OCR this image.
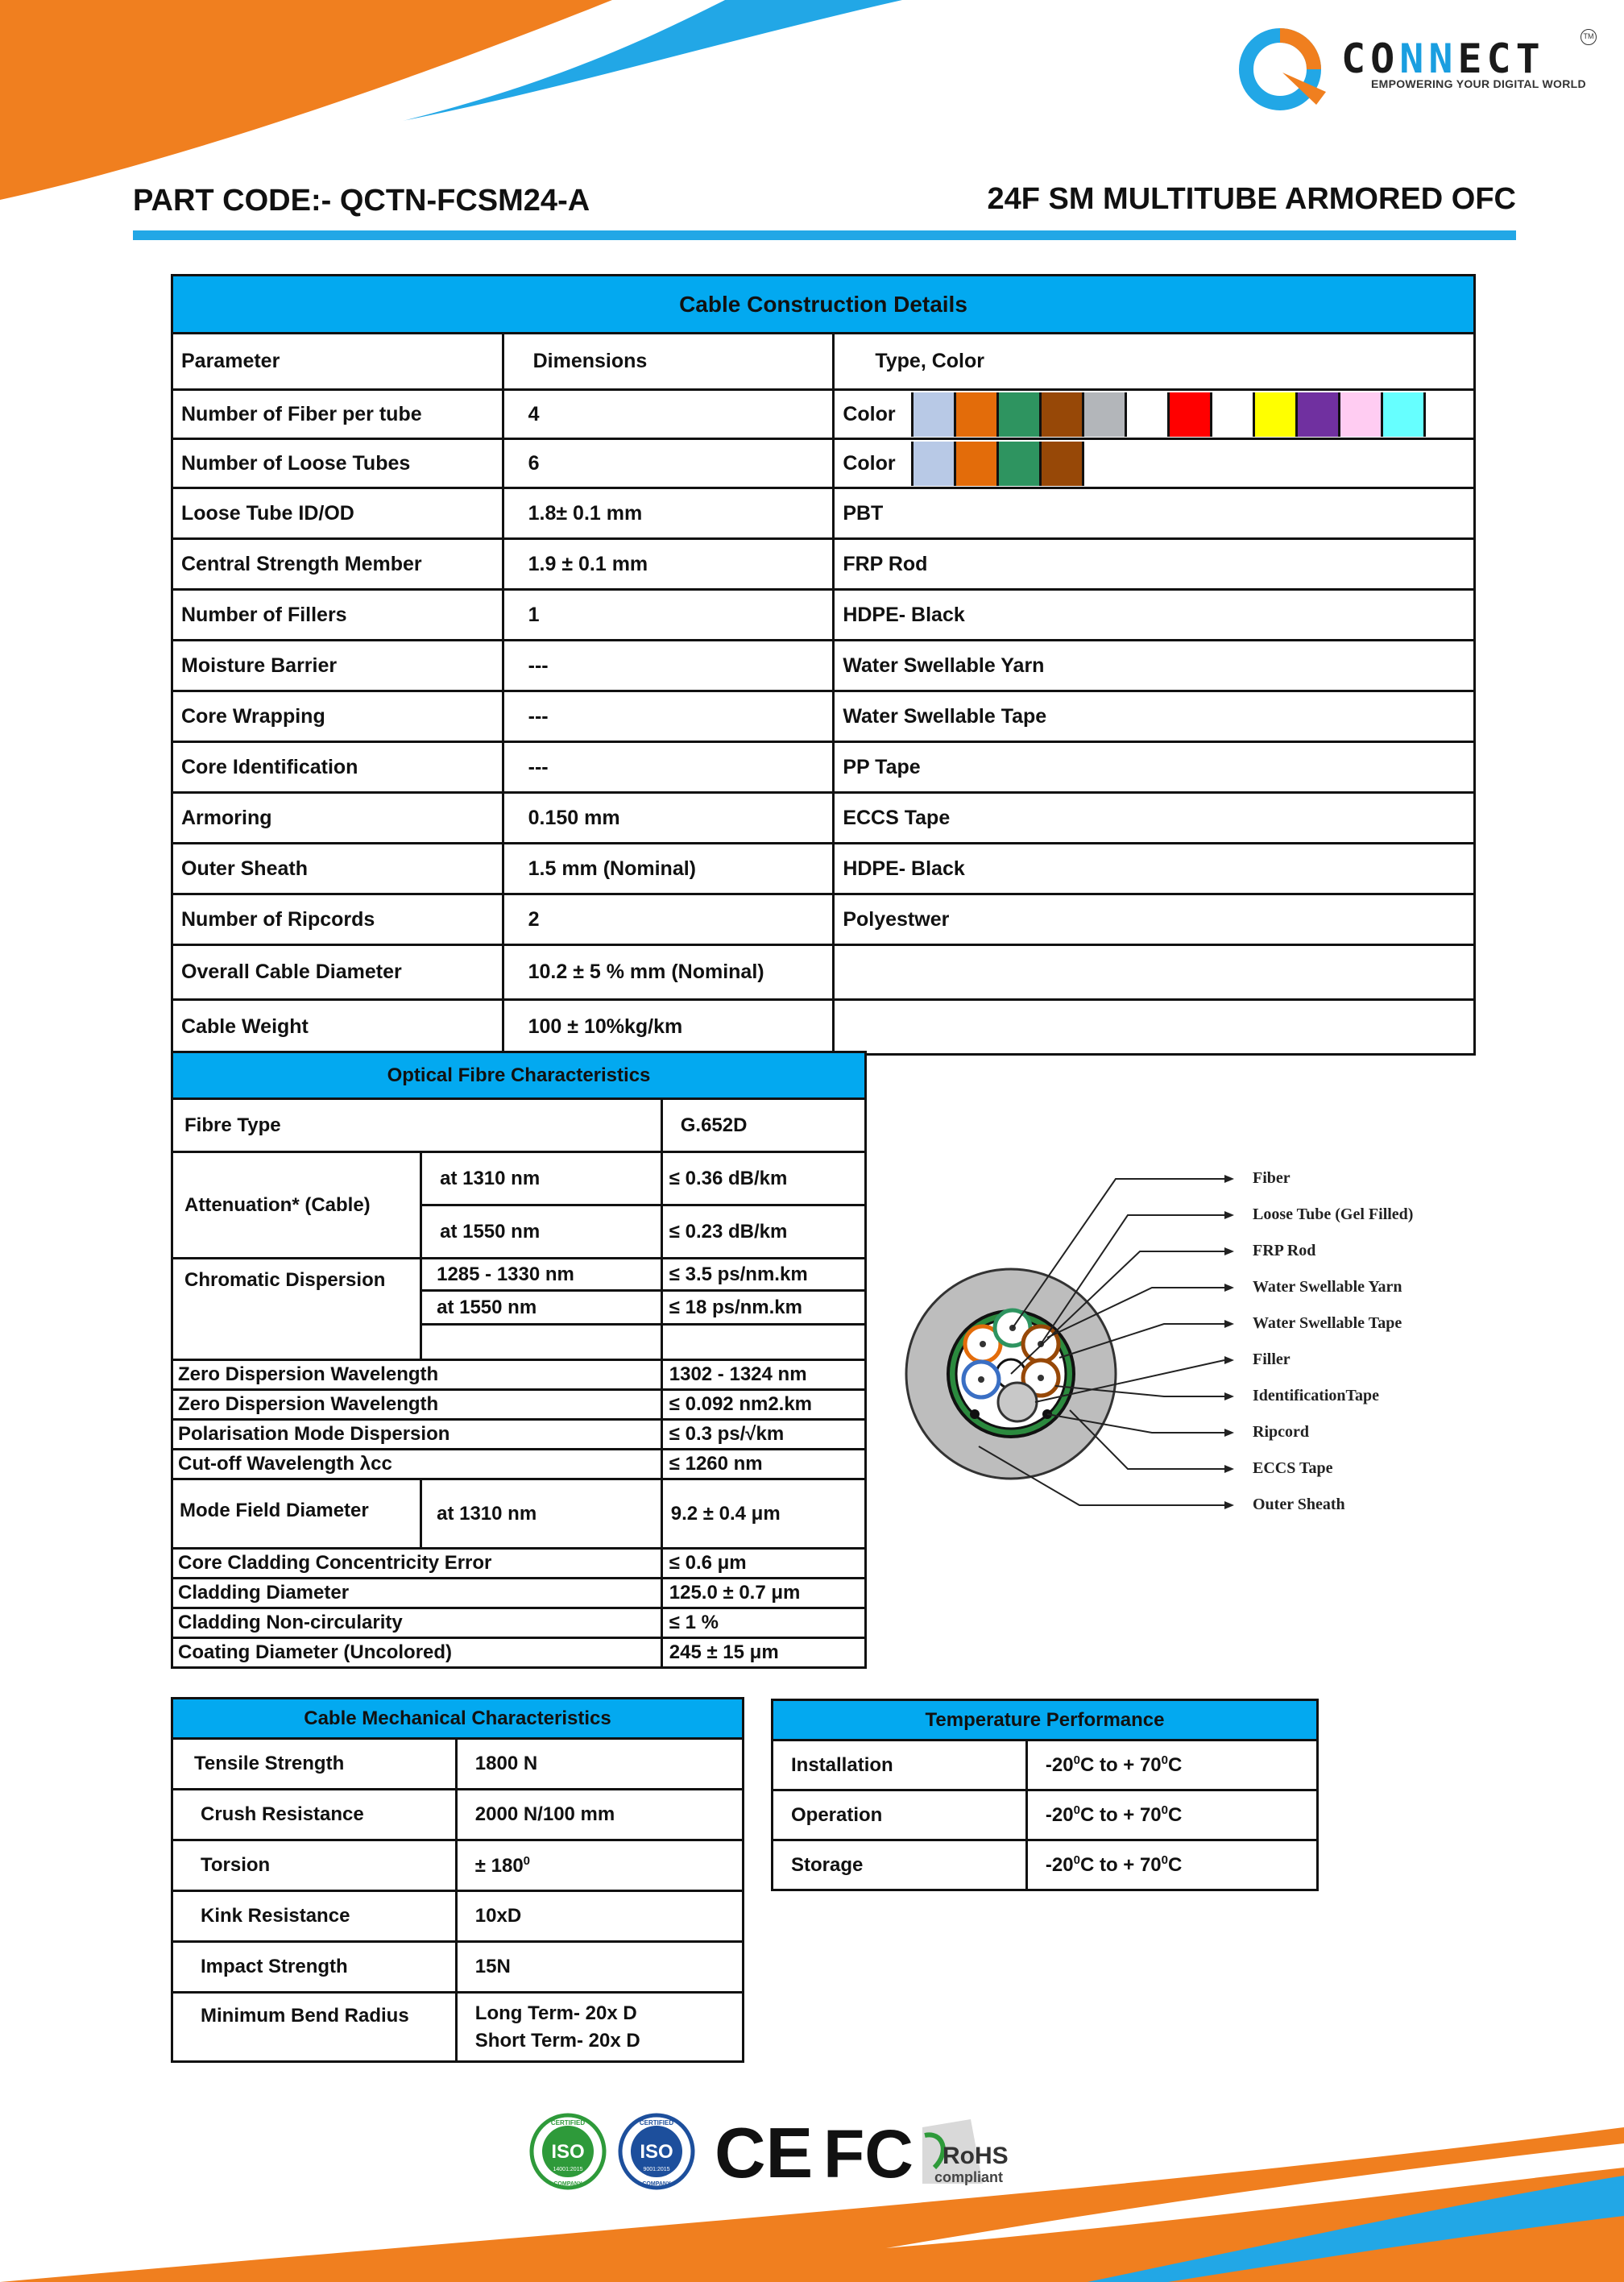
CONNECT	TM
EMPOWERING YOUR DIGITAL WORLD
PART CODE:- QCTN-FCSM24-A	24F SM MULTITUBE ARMORED OFC
Cable Construction Details		
Parameter	Dimensions	Type, Color
Number of Fiber per tube	4	Color

Number of Loose Tubes	6	Color

Loose Tube ID/OD	1.8± 0.1 mm	PBT
Central Strength Member	1.9 ± 0.1 mm	FRP Rod
Number of Fillers	1	HDPE- Black
Moisture Barrier	---	Water Swellable Yarn
Core Wrapping	---	Water Swellable Tape
Core Identification	---	PP Tape
Armoring	0.150 mm	ECCS Tape
Outer Sheath	1.5 mm (Nominal)	HDPE- Black
Number of Ripcords	2	Polyestwer
Overall Cable Diameter	10.2 ± 5 % mm (Nominal)	
Cable Weight	100 ± 10%kg/km	
Optical Fibre Characteristics		
Fibre Type		G.652D
Attenuation* (Cable)	at 1310 nm	≤ 0.36 dB/km
	at 1550 nm	≤ 0.23 dB/km
Chromatic Dispersion	1285 - 1330 nm	≤ 3.5 ps/nm.km
	at 1550 nm	≤ 18 ps/nm.km

Zero Dispersion Wavelength		1302 - 1324 nm
Zero Dispersion Wavelength		≤ 0.092 nm2.km
Polarisation Mode Dispersion		≤ 0.3 ps/√km
Cut-off Wavelength λcc		≤ 1260 nm
Mode Field Diameter	at 1310 nm	9.2 ± 0.4 μm
Core Cladding Concentricity Error		≤ 0.6 μm
Cladding Diameter		125.0 ± 0.7 μm
Cladding Non-circularity		≤ 1 %
Coating Diameter (Uncolored)		245 ± 15 μm
Fiber
Loose Tube (Gel Filled)
FRP Rod
Water Swellable Yarn
Water Swellable Tape
Filler
IdentificationTape
Ripcord
ECCS Tape
Outer Sheath
Cable Mechanical Characteristics	
Tensile Strength	1800 N
Crush Resistance	2000 N/100 mm
Torsion	± $180^0$
Kink Resistance	10xD
Impact Strength	15N
Minimum Bend Radius	Long Term- 20x D
Short Term- 20x D
Temperature Performance	
Installation	$-20^0C$ to + $70^0C$
Operation	$-20^0C$ to + $70^0C$
Storage	$-20^0C$ to + $70^0C$
CERTIFIED
ISO
14001:2015
COMPANY
CERTIFIED
ISO
9001:2015
COMPANY CE FC RoHS
compliant
